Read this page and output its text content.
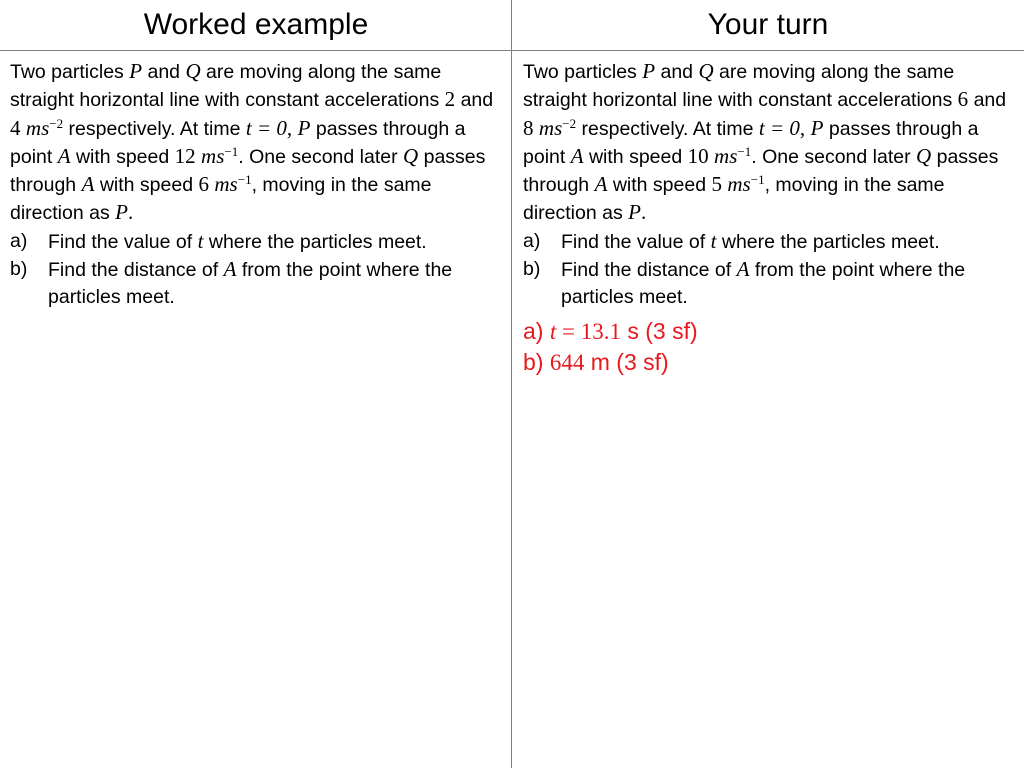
Worked example
Two particles P and Q are moving along the same straight horizontal line with constant accelerations 2 and 4 $ms^{-2}$ respectively. At time t = 0, P passes through a point A with speed 12 $ms^{-1}$. One second later Q passes through A with speed 6 $ms^{-1}$, moving in the same direction as P.
a) Find the value of t where the particles meet.
b) Find the distance of A from the point where the particles meet.
Your turn
Two particles P and Q are moving along the same straight horizontal line with constant accelerations 6 and 8 $ms^{-2}$ respectively. At time t = 0, P passes through a point A with speed 10 $ms^{-1}$. One second later Q passes through A with speed 5 $ms^{-1}$, moving in the same direction as P.
a) Find the value of t where the particles meet.
b) Find the distance of A from the point where the particles meet.
a) t = 13.1 s (3 sf)
b) 644 m (3 sf)
